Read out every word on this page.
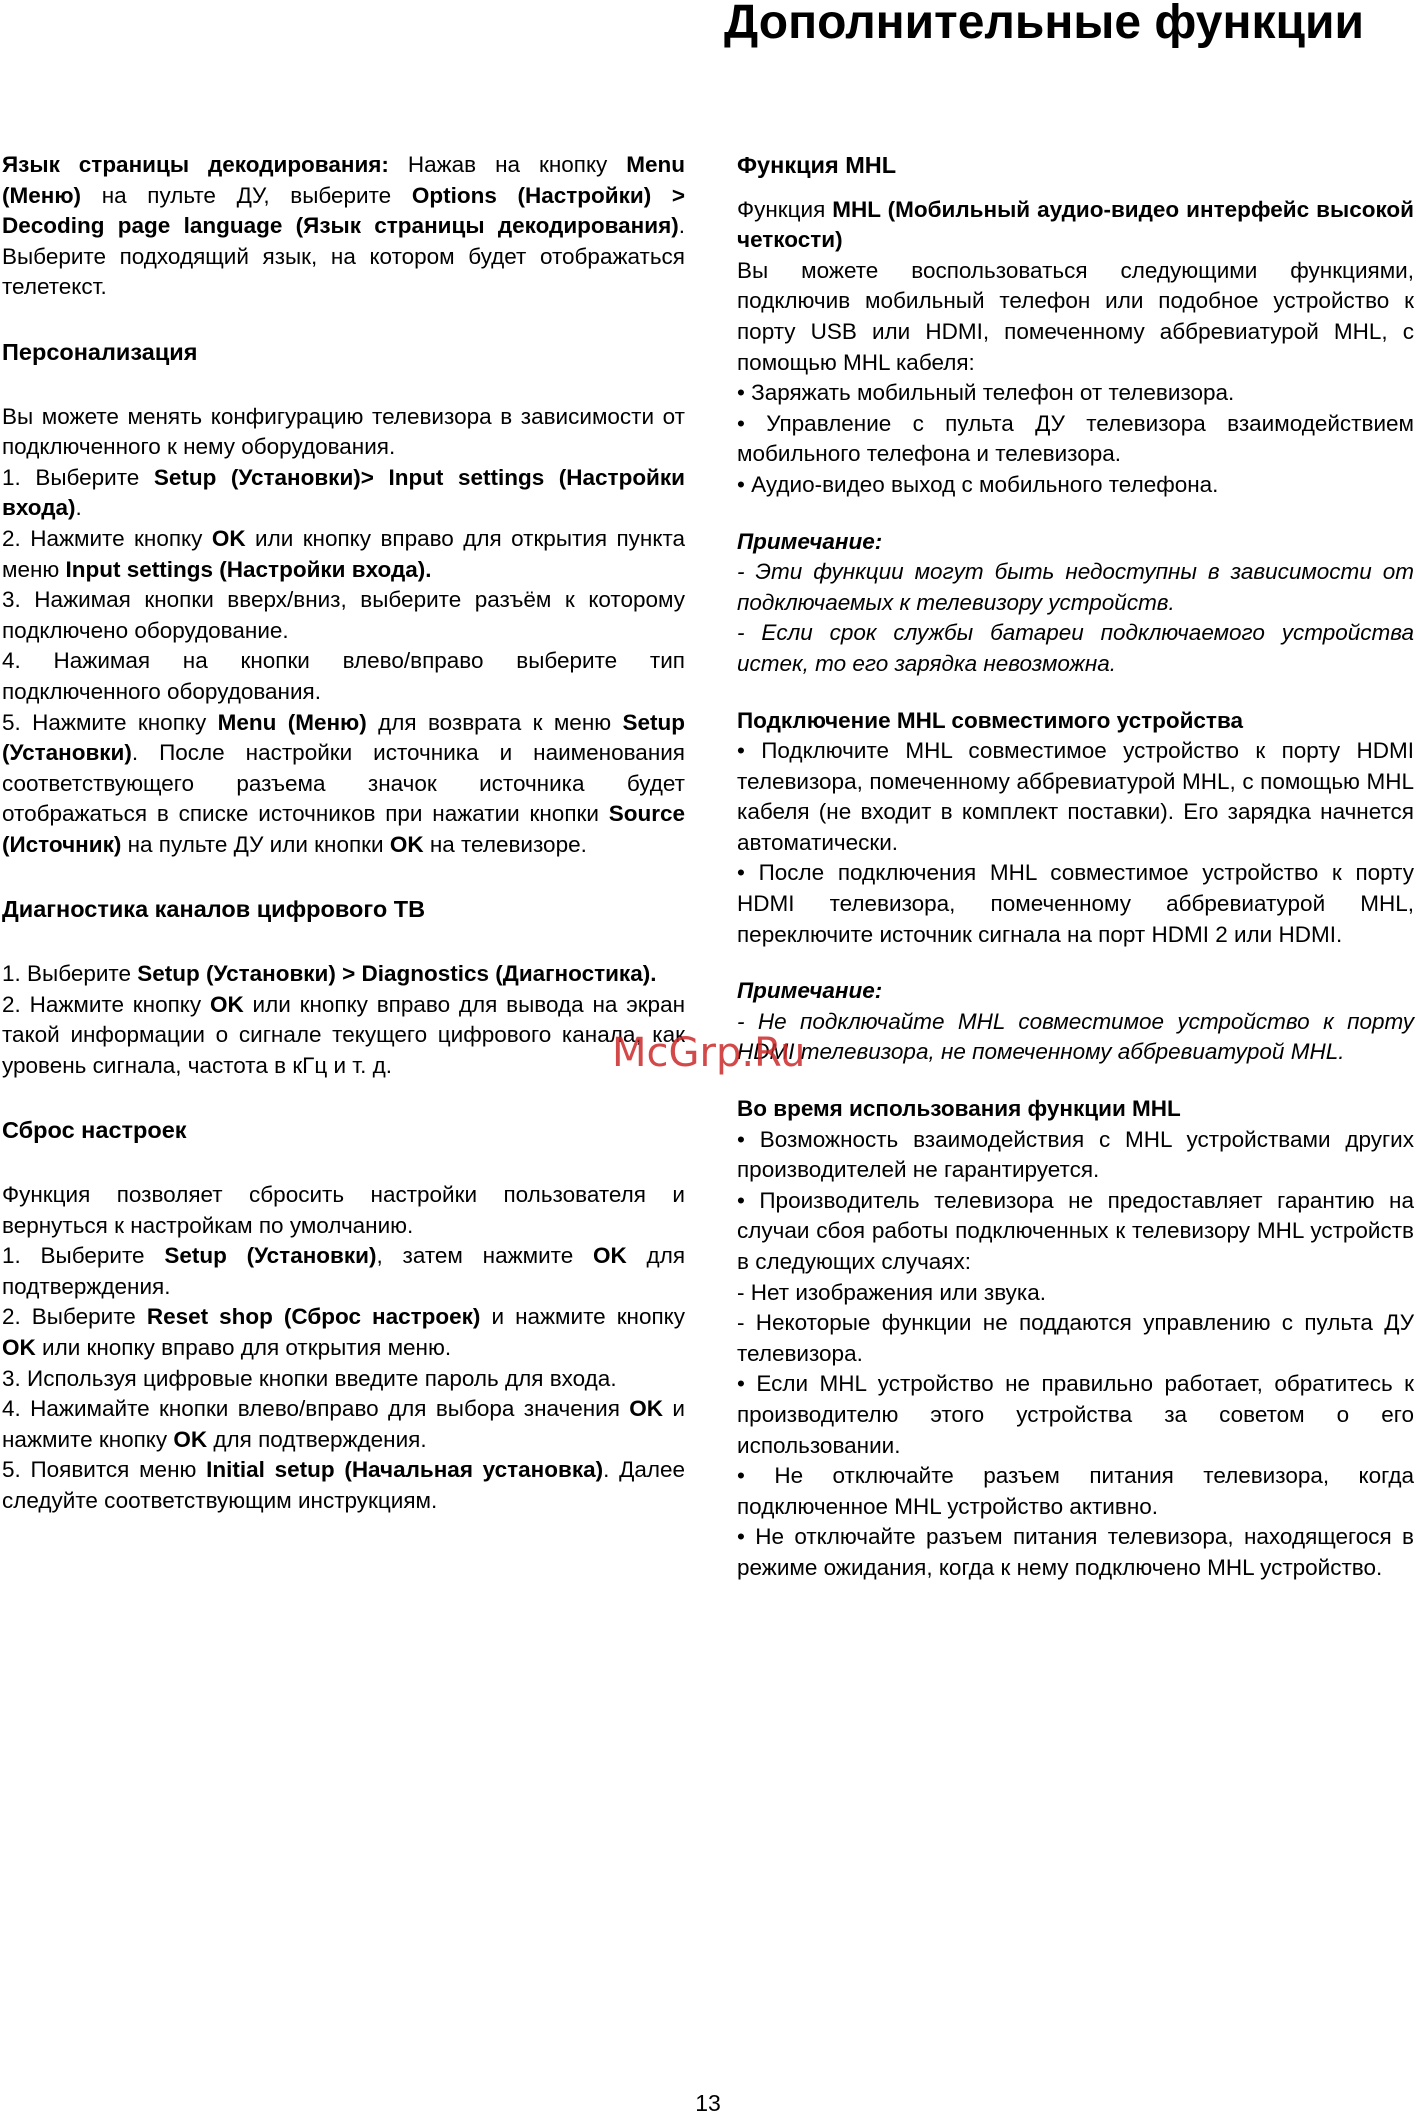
Дополнительные функции

Язык страницы декодирования: Нажав на кнопку Menu (Меню) на пульте ДУ, выберите Options (Настройки) > Decoding page language (Язык страницы декодирования). Выберите подходящий язык, на котором будет отображаться телетекст.

Персонализация

Вы можете менять конфигурацию телевизора в зависимости от подключенного к нему оборудования.

1. Выберите Setup (Установки)> Input settings (Настройки входа).

2. Нажмите кнопку OK или кнопку вправо для открытия пункта меню Input settings (Настройки входа).

3. Нажимая кнопки вверх/вниз, выберите разъём к которому подключено оборудование.

4. Нажимая на кнопки влево/вправо выберите тип подключенного оборудования.

5. Нажмите кнопку Menu (Меню) для возврата к меню Setup (Установки). После настройки источника и наименования соответствующего разъема значок источника будет отображаться в списке источников при нажатии кнопки Source (Источник) на пульте ДУ или кнопки OK на телевизоре.

Диагностика каналов цифрового ТВ

1. Выберите Setup (Установки) > Diagnostics (Диагностика).

2. Нажмите кнопку OK или кнопку вправо для вывода на экран такой информации о сигнале текущего цифрового канала, как уровень сигнала, частота в кГц и т. д.

Сброс настроек

Функция позволяет сбросить настройки пользователя и вернуться к настройкам по умолчанию.

1. Выберите Setup (Установки), затем нажмите OK для подтверждения.

2. Выберите Reset shop (Сброс настроек) и нажмите кнопку OK или кнопку вправо для открытия меню.

3. Используя цифровые кнопки введите пароль для входа.

4. Нажимайте кнопки влево/вправо для выбора значения OK и нажмите кнопку OK для подтверждения.

5. Появится меню Initial setup (Начальная установка). Далее следуйте соответствующим инструкциям.

Функция MHL

Функция MHL (Мобильный аудио-видео интерфейс высокой четкости)

Вы можете воспользоваться следующими функциями, подключив мобильный телефон или подобное устройство к порту USB или HDMI, помеченному аббревиатурой MHL, с помощью MHL кабеля:

• Заряжать мобильный телефон от телевизора.

• Управление с пульта ДУ телевизора взаимодействием мобильного телефона и телевизора.

• Аудио-видео выход с мобильного телефона.

Примечание:

- Эти функции могут быть недоступны в зависимости от подключаемых к телевизору устройств.

- Если срок службы батареи подключаемого устройства истек, то его зарядка невозможна.

Подключение MHL совместимого устройства

• Подключите MHL совместимое устройство к порту HDMI телевизора, помеченному аббревиатурой MHL, с помощью MHL кабеля (не входит в комплект поставки). Его зарядка начнется автоматически.

• После подключения MHL совместимое устройство к порту HDMI телевизора, помеченному аббревиатурой MHL, переключите источник сигнала на порт HDMI 2 или HDMI.

Примечание:

- Не подключайте MHL совместимое устройство к порту HDMI телевизора, не помеченному аббревиатурой MHL.

Во время использования функции MHL

• Возможность взаимодействия с MHL устройствами других производителей не гарантируется.

• Производитель телевизора не предоставляет гарантию на случаи сбоя работы подключенных к телевизору MHL устройств в следующих случаях:

- Нет изображения или звука.

- Некоторые функции не поддаются управлению с пульта ДУ телевизора.

• Если MHL устройство не правильно работает, обратитесь к производителю этого устройства за советом о его использовании.

• Не отключайте разъем питания телевизора, когда подключенное MHL устройство активно.

• Не отключайте разъем питания телевизора, находящегося в режиме ожидания, когда к нему подключено MHL устройство.

McGrp.Ru
13
